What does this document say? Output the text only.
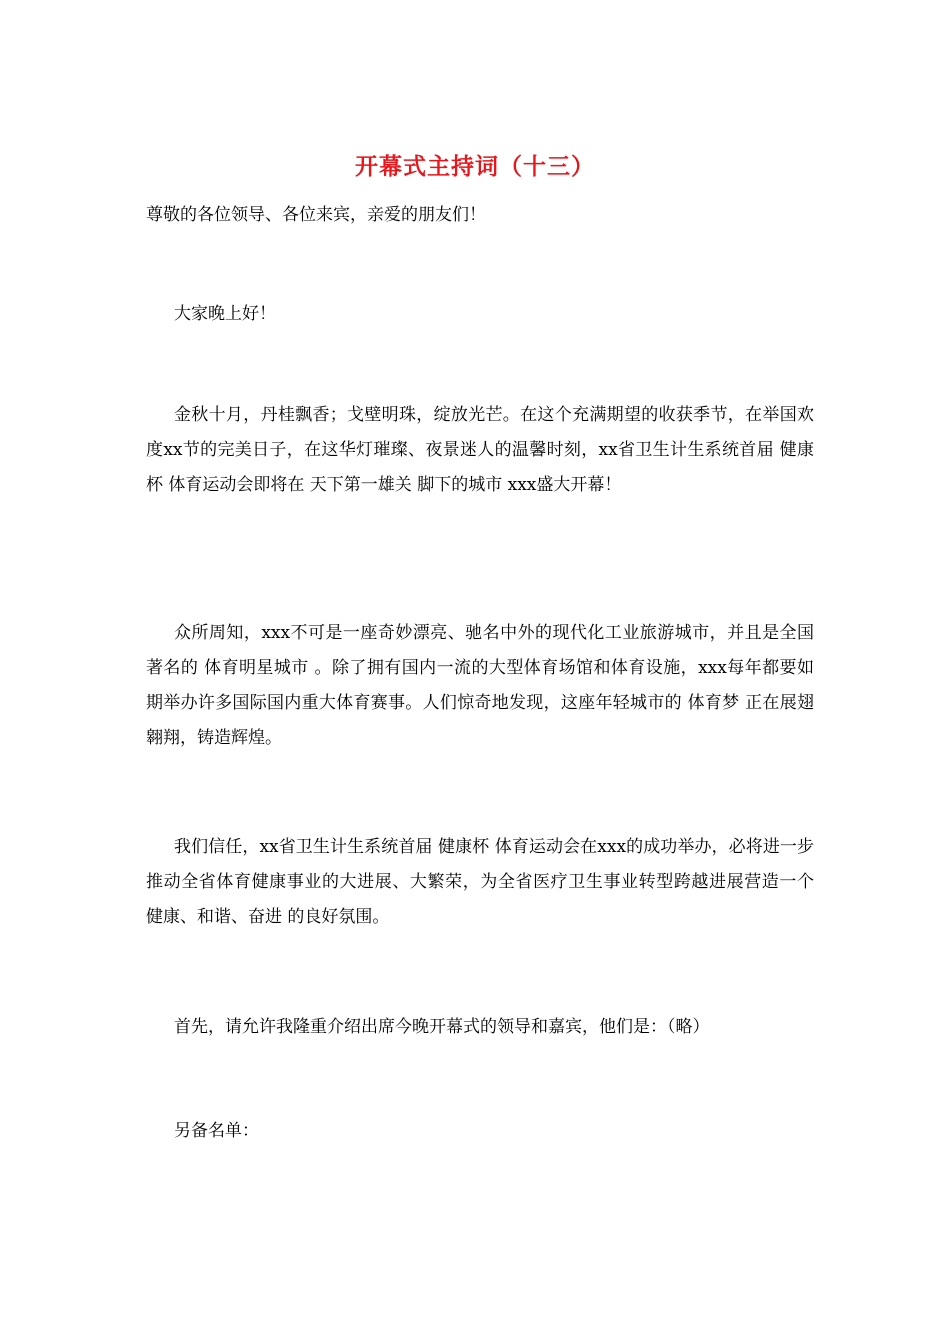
开幕式主持词（十三）

尊敬的各位领导、各位来宾，亲爱的朋友们！

大家晚上好！

金秋十月，丹桂飘香；戈壁明珠，绽放光芒。在这个充满期望的收获季节，在举国欢度xx节的完美日子，在这华灯璀璨、夜景迷人的温馨时刻，xx省卫生计生系统首届 健康杯 体育运动会即将在 天下第一雄关 脚下的城市 xxx盛大开幕！

众所周知，xxx不可是一座奇妙漂亮、驰名中外的现代化工业旅游城市，并且是全国著名的 体育明星城市 。除了拥有国内一流的大型体育场馆和体育设施，xxx每年都要如期举办许多国际国内重大体育赛事。人们惊奇地发现，这座年轻城市的 体育梦 正在展翅翱翔，铸造辉煌。

我们信任，xx省卫生计生系统首届 健康杯 体育运动会在xxx的成功举办，必将进一步推动全省体育健康事业的大进展、大繁荣，为全省医疗卫生事业转型跨越进展营造一个 健康、和谐、奋进 的良好氛围。

首先，请允许我隆重介绍出席今晚开幕式的领导和嘉宾，他们是：（略）

另备名单：
